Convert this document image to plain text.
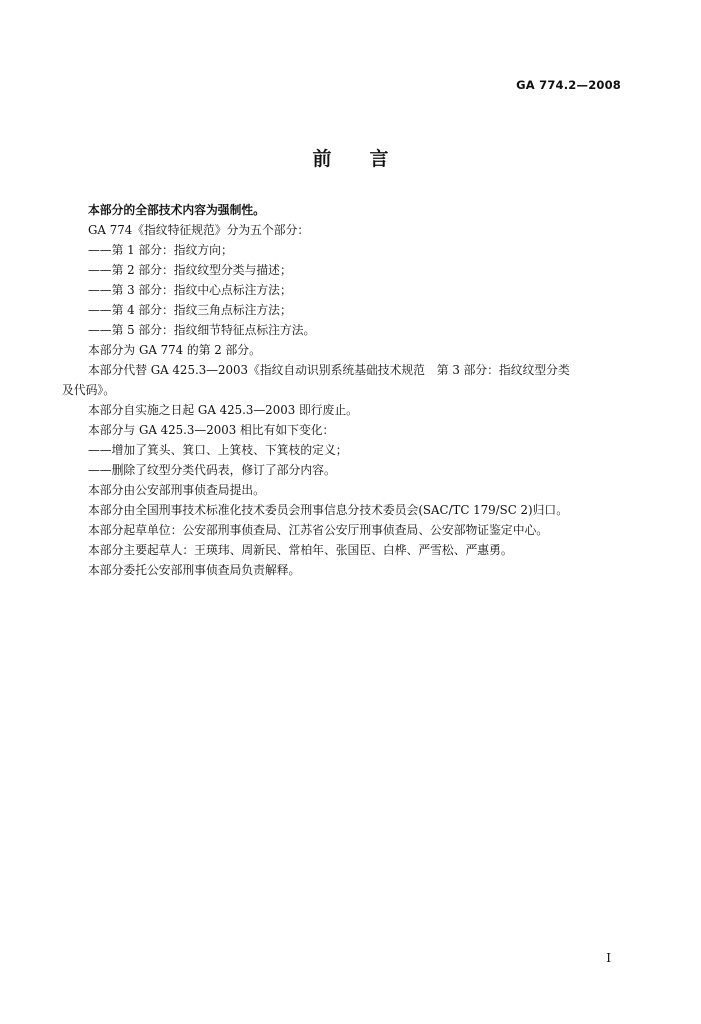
GA 774.2—2008
前言

本部分的全部技术内容为强制性。

GA 774《指纹特征规范》分为五个部分：

——第 1 部分：指纹方向；

——第 2 部分：指纹纹型分类与描述；

——第 3 部分：指纹中心点标注方法；

——第 4 部分：指纹三角点标注方法；

——第 5 部分：指纹细节特征点标注方法。

本部分为 GA 774 的第 2 部分。

本部分代替 GA 425.3—2003《指纹自动识别系统基础技术规范　第 3 部分：指纹纹型分类

及代码》。

本部分自实施之日起 GA 425.3—2003 即行废止。

本部分与 GA 425.3—2003 相比有如下变化：

——增加了箕头、箕口、上箕枝、下箕枝的定义；

——删除了纹型分类代码表，修订了部分内容。

本部分由公安部刑事侦查局提出。

本部分由全国刑事技术标准化技术委员会刑事信息分技术委员会(SAC/TC 179/SC 2)归口。

本部分起草单位：公安部刑事侦查局、江苏省公安厅刑事侦查局、公安部物证鉴定中心。

本部分主要起草人：王瑛玮、周新民、常柏年、张国臣、白桦、严雪松、严惠勇。

本部分委托公安部刑事侦查局负责解释。

I
